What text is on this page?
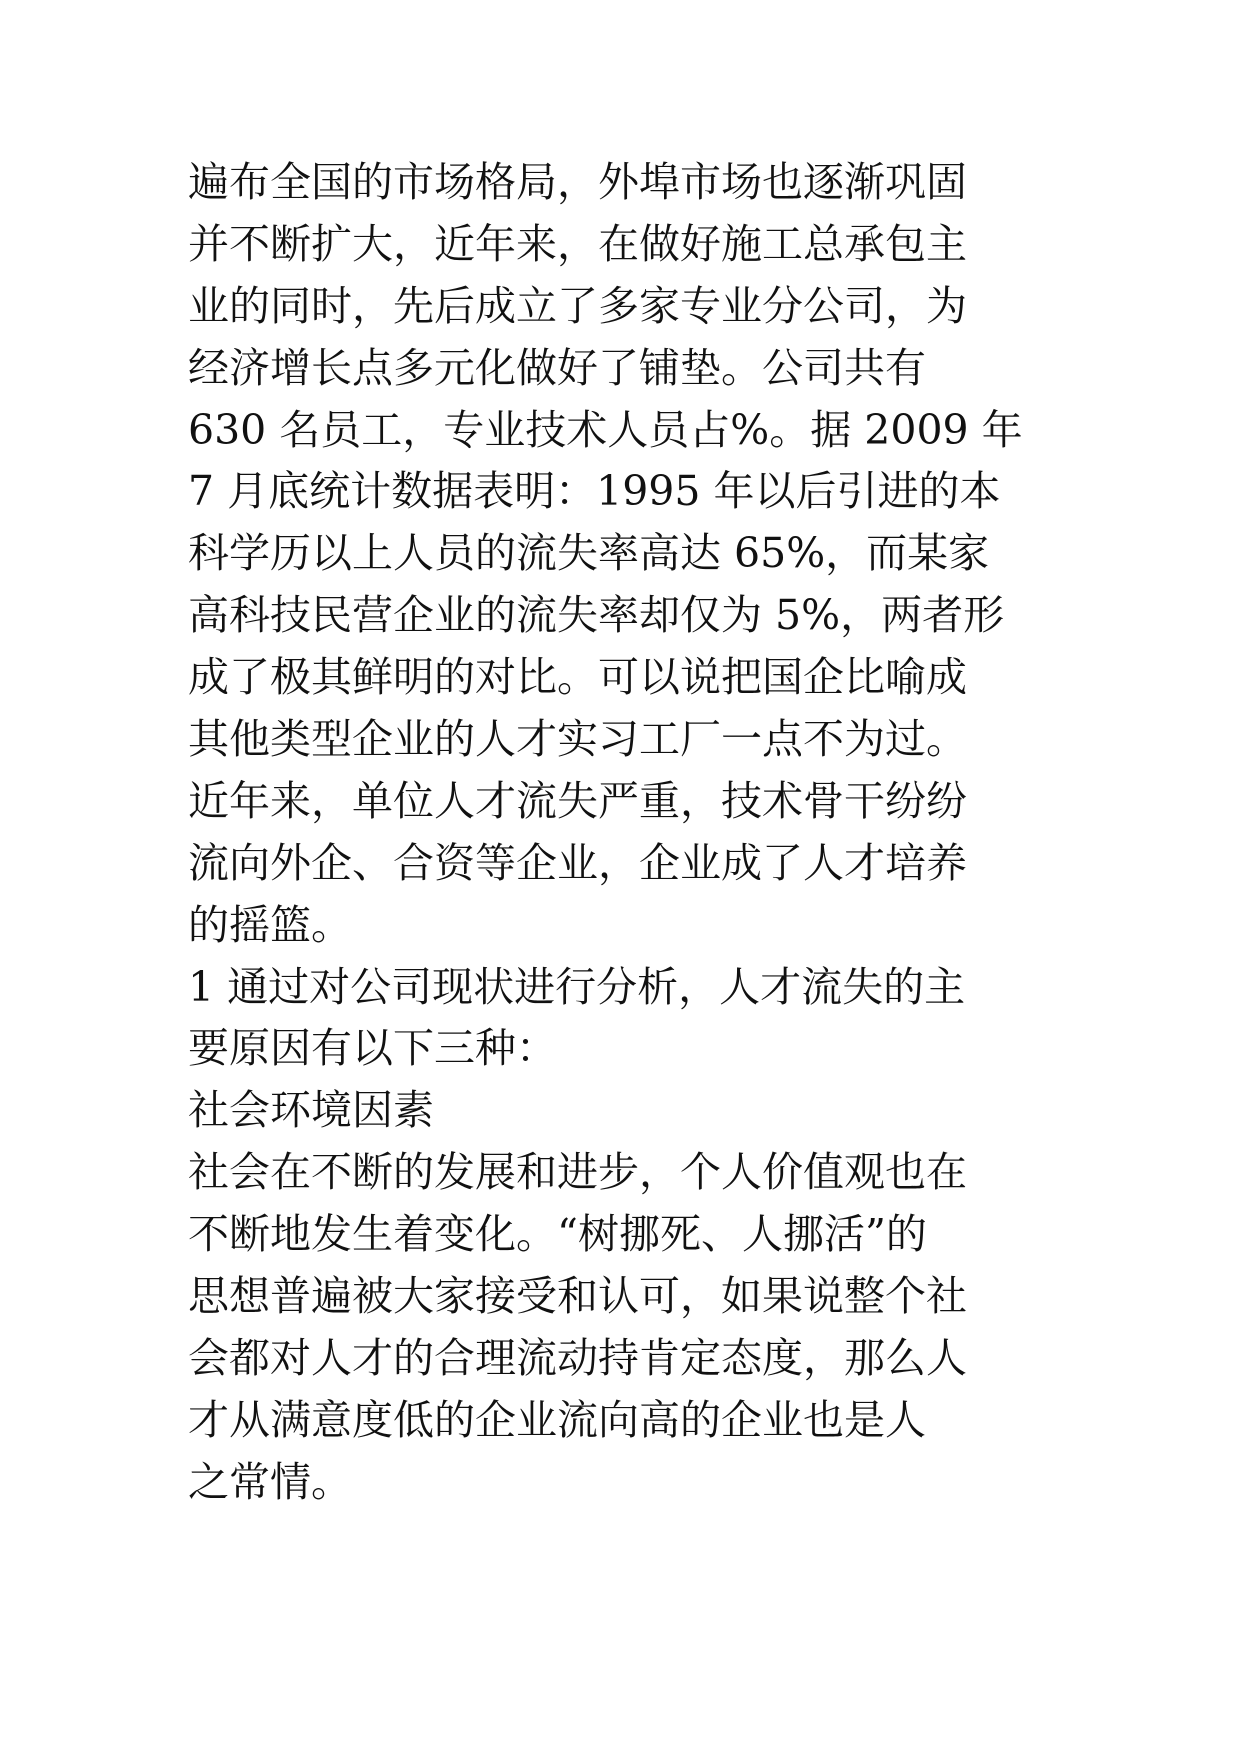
遍布全国的市场格局，外埠市场也逐渐巩固
并不断扩大，近年来，在做好施工总承包主
业的同时，先后成立了多家专业分公司，为
经济增长点多元化做好了铺垫。公司共有
630 名员工，专业技术人员占%。据 2009 年
7 月底统计数据表明：1995 年以后引进的本
科学历以上人员的流失率高达 65%，而某家
高科技民营企业的流失率却仅为 5%，两者形
成了极其鲜明的对比。可以说把国企比喻成
其他类型企业的人才实习工厂一点不为过。
近年来，单位人才流失严重，技术骨干纷纷
流向外企、合资等企业，企业成了人才培养
的摇篮。
1 通过对公司现状进行分析，人才流失的主
要原因有以下三种：
社会环境因素
社会在不断的发展和进步，个人价值观也在
不断地发生着变化。“树挪死、人挪活”的
思想普遍被大家接受和认可，如果说整个社
会都对人才的合理流动持肯定态度，那么人
才从满意度低的企业流向高的企业也是人
之常情。
